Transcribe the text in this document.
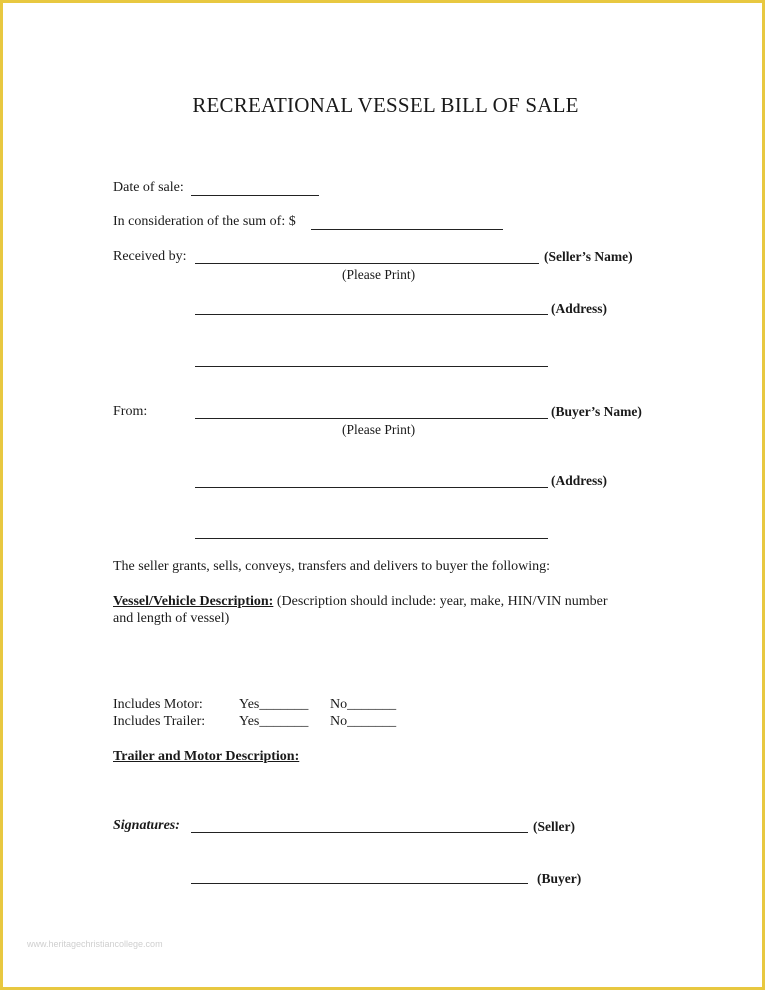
RECREATIONAL VESSEL BILL OF SALE
Date of sale:
In consideration of the sum of: $
Received by:	(Seller’s Name)
(Please Print)
(Address)
From:	(Buyer’s Name)
(Please Print)
(Address)
The seller grants, sells, conveys, transfers and delivers to buyer the following:
Vessel/Vehicle Description: (Description should include: year, make, HIN/VIN number
and length of vessel)
Includes Motor:	Yes_______ No_______
Includes Trailer: Yes_______ No_______
Trailer and Motor Description:
Signatures:	(Seller)
(Buyer)
www.heritagechristiancollege.com
